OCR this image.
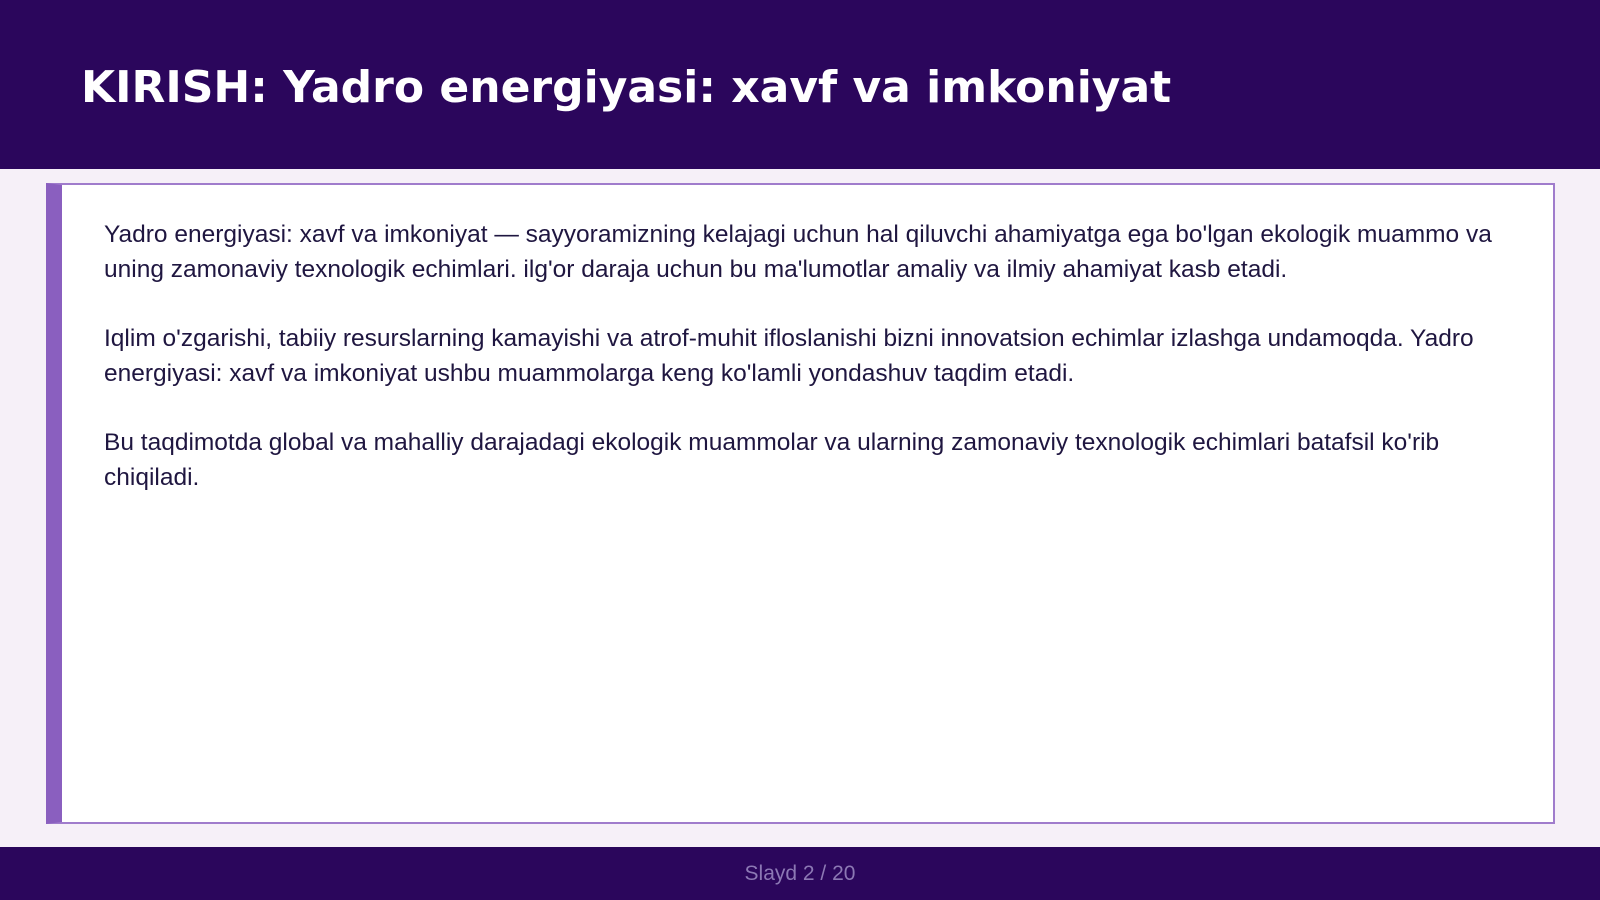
KIRISH: Yadro energiyasi: xavf va imkoniyat

Yadro energiyasi: xavf va imkoniyat — sayyoramizning kelajagi uchun hal qiluvchi ahamiyatga ega bo'lgan ekologik muammo va uning zamonaviy texnologik echimlari. ilg'or daraja uchun bu ma'lumotlar amaliy va ilmiy ahamiyat kasb etadi.

Iqlim o'zgarishi, tabiiy resurslarning kamayishi va atrof-muhit ifloslanishi bizni innovatsion echimlar izlashga undamoqda. Yadro energiyasi: xavf va imkoniyat ushbu muammolarga keng ko'lamli yondashuv taqdim etadi.

Bu taqdimotda global va mahalliy darajadagi ekologik muammolar va ularning zamonaviy texnologik echimlari batafsil ko'rib chiqiladi.

Slayd 2 / 20
